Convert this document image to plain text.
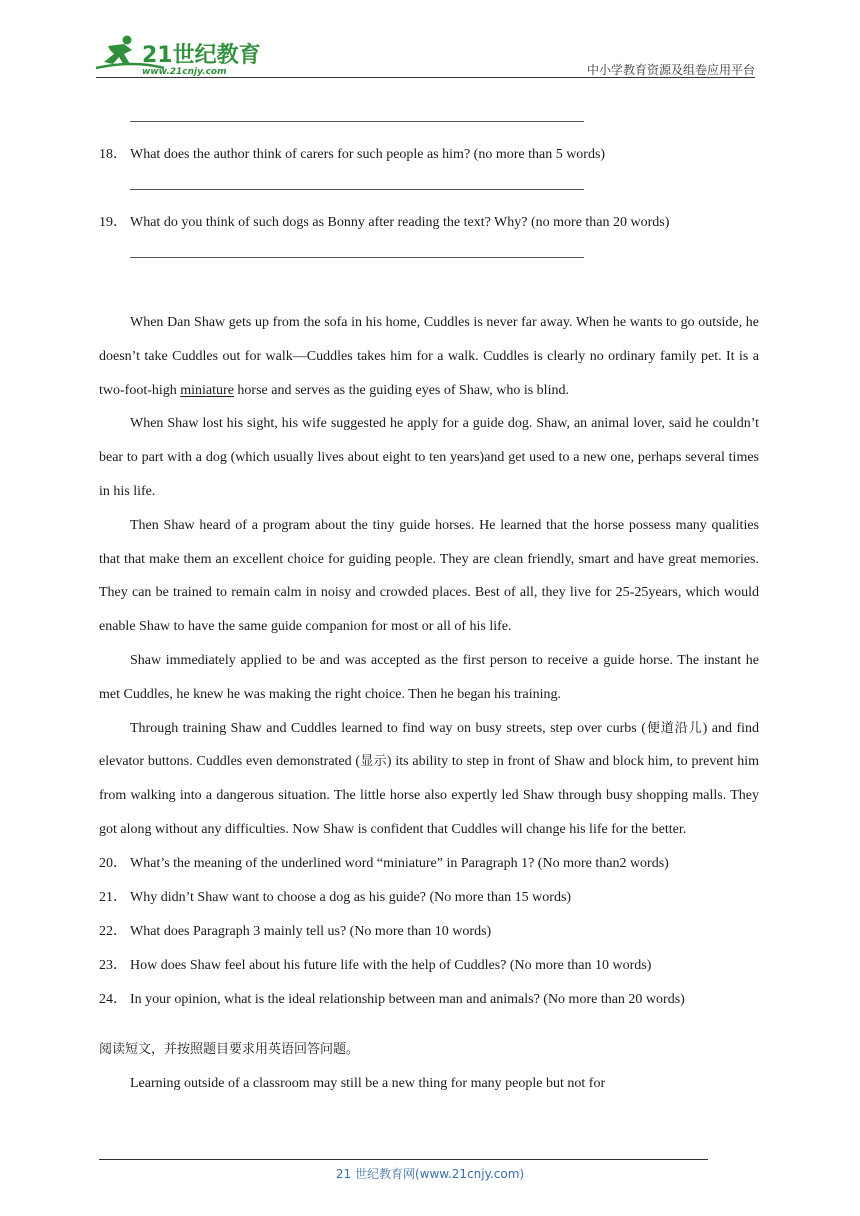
21世纪教育
www.21cnjy.com	中小学教育资源及组卷应用平台
18． What does the author think of carers for such people as him? (no more than 5 words)
19． What do you think of such dogs as Bonny after reading the text? Why? (no more than 20 words)

When Dan Shaw gets up from the sofa in his home, Cuddles is never far away. When he wants to go outside, he doesn’t take Cuddles out for walk—Cuddles takes him for a walk. Cuddles is clearly no ordinary family pet. It is a two-foot-high miniature horse and serves as the guiding eyes of Shaw, who is blind.

When Shaw lost his sight, his wife suggested he apply for a guide dog. Shaw, an animal lover, said he couldn’t bear to part with a dog (which usually lives about eight to ten years)and get used to a new one, perhaps several times in his life.

Then Shaw heard of a program about the tiny guide horses. He learned that the horse possess many qualities that that make them an excellent choice for guiding people. They are clean friendly, smart and have great memories. They can be trained to remain calm in noisy and crowded places. Best of all, they live for 25-25years, which would enable Shaw to have the same guide companion for most or all of his life.

Shaw immediately applied to be and was accepted as the first person to receive a guide horse. The instant he met Cuddles, he knew he was making the right choice. Then he began his training.

Through training Shaw and Cuddles learned to find way on busy streets, step over curbs (便道沿儿) and find elevator buttons. Cuddles even demonstrated (显示) its ability to step in front of Shaw and block him, to prevent him from walking into a dangerous situation. The little horse also expertly led Shaw through busy shopping malls. They got along without any difficulties. Now Shaw is confident that Cuddles will change his life for the better.

20． What’s the meaning of the underlined word “miniature” in Paragraph 1? (No more than2 words)
21． Why didn’t Shaw want to choose a dog as his guide? (No more than 15 words)
22． What does Paragraph 3 mainly tell us? (No more than 10 words)
23． How does Shaw feel about his future life with the help of Cuddles? (No more than 10 words)
24． In your opinion, what is the ideal relationship between man and animals? (No more than 20 words)
阅读短文，并按照题目要求用英语回答问题。

Learning outside of a classroom may still be a new thing for many people but not for

21 世纪教育网(www.21cnjy.com)
